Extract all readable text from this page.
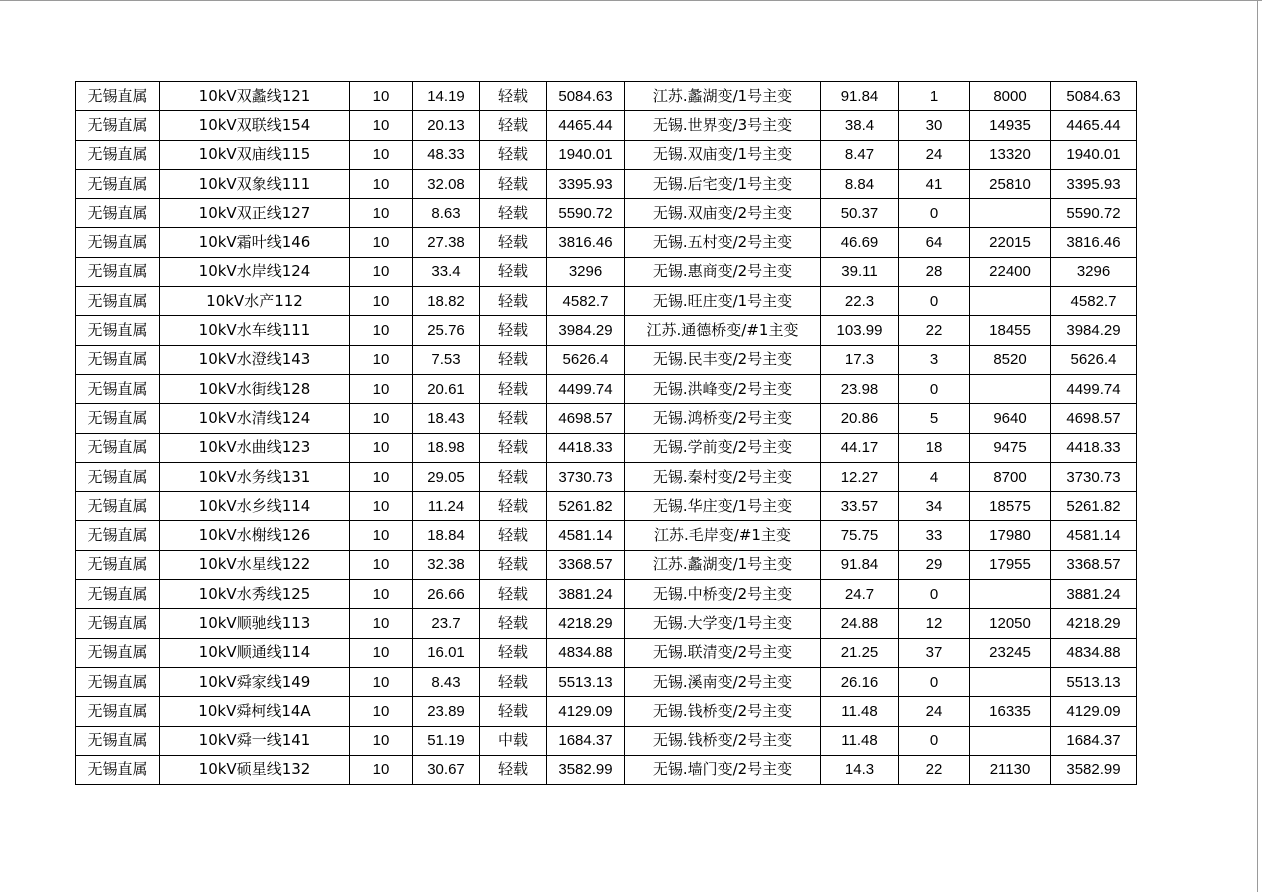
无锡直属	10kV双蠡线121	10	14.19	轻载	5084.63	江苏.蠡湖变/1号主变	91.84	1	8000	5084.63
无锡直属	10kV双联线154	10	20.13	轻载	4465.44	无锡.世界变/3号主变	38.4	30	14935	4465.44
无锡直属	10kV双庙线115	10	48.33	轻载	1940.01	无锡.双庙变/1号主变	8.47	24	13320	1940.01
无锡直属	10kV双象线111	10	32.08	轻载	3395.93	无锡.后宅变/1号主变	8.84	41	25810	3395.93
无锡直属	10kV双正线127	10	8.63	轻载	5590.72	无锡.双庙变/2号主变	50.37	0		5590.72
无锡直属	10kV霜叶线146	10	27.38	轻载	3816.46	无锡.五村变/2号主变	46.69	64	22015	3816.46
无锡直属	10kV水岸线124	10	33.4	轻载	3296	无锡.惠商变/2号主变	39.11	28	22400	3296
无锡直属	10kV水产112	10	18.82	轻载	4582.7	无锡.旺庄变/1号主变	22.3	0		4582.7
无锡直属	10kV水车线111	10	25.76	轻载	3984.29	江苏.通德桥变/#1主变	103.99	22	18455	3984.29
无锡直属	10kV水澄线143	10	7.53	轻载	5626.4	无锡.民丰变/2号主变	17.3	3	8520	5626.4
无锡直属	10kV水街线128	10	20.61	轻载	4499.74	无锡.洪峰变/2号主变	23.98	0		4499.74
无锡直属	10kV水清线124	10	18.43	轻载	4698.57	无锡.鸿桥变/2号主变	20.86	5	9640	4698.57
无锡直属	10kV水曲线123	10	18.98	轻载	4418.33	无锡.学前变/2号主变	44.17	18	9475	4418.33
无锡直属	10kV水务线131	10	29.05	轻载	3730.73	无锡.秦村变/2号主变	12.27	4	8700	3730.73
无锡直属	10kV水乡线114	10	11.24	轻载	5261.82	无锡.华庄变/1号主变	33.57	34	18575	5261.82
无锡直属	10kV水榭线126	10	18.84	轻载	4581.14	江苏.毛岸变/#1主变	75.75	33	17980	4581.14
无锡直属	10kV水星线122	10	32.38	轻载	3368.57	江苏.蠡湖变/1号主变	91.84	29	17955	3368.57
无锡直属	10kV水秀线125	10	26.66	轻载	3881.24	无锡.中桥变/2号主变	24.7	0		3881.24
无锡直属	10kV顺驰线113	10	23.7	轻载	4218.29	无锡.大学变/1号主变	24.88	12	12050	4218.29
无锡直属	10kV顺通线114	10	16.01	轻载	4834.88	无锡.联清变/2号主变	21.25	37	23245	4834.88
无锡直属	10kV舜家线149	10	8.43	轻载	5513.13	无锡.溪南变/2号主变	26.16	0		5513.13
无锡直属	10kV舜柯线14A	10	23.89	轻载	4129.09	无锡.钱桥变/2号主变	11.48	24	16335	4129.09
无锡直属	10kV舜一线141	10	51.19	中载	1684.37	无锡.钱桥变/2号主变	11.48	0		1684.37
无锡直属	10kV硕星线132	10	30.67	轻载	3582.99	无锡.墙门变/2号主变	14.3	22	21130	3582.99
